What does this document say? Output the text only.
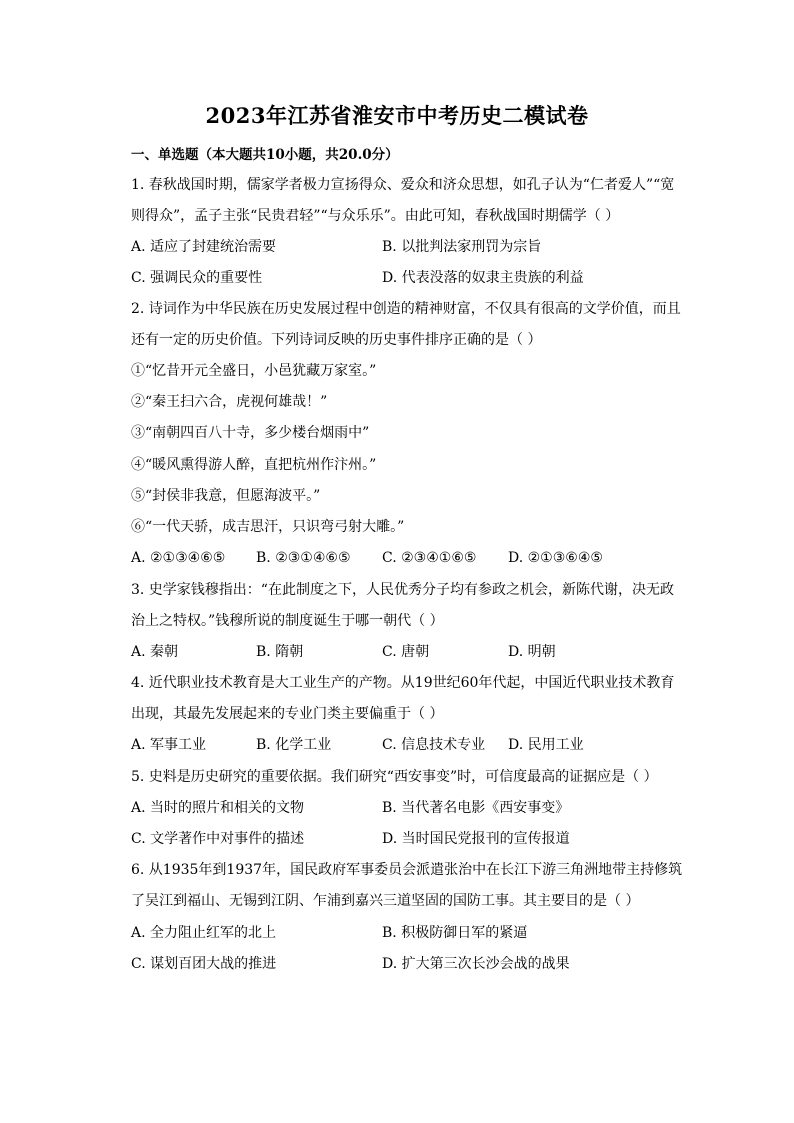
2023年江苏省淮安市中考历史二模试卷
一、单选题（本大题共10小题，共20.0分）
1. 春秋战国时期，儒家学者极力宣扬得众、爱众和济众思想，如孔子认为“仁者爱人”“宽
则得众”，孟子主张“民贵君轻”“与众乐乐”。由此可知，春秋战国时期儒学（ ）
A. 适应了封建统治需要	B. 以批判法家刑罚为宗旨
C. 强调民众的重要性	D. 代表没落的奴隶主贵族的利益
2. 诗词作为中华民族在历史发展过程中创造的精神财富，不仅具有很高的文学价值，而且
还有一定的历史价值。下列诗词反映的历史事件排序正确的是（ ）
①“忆昔开元全盛日，小邑犹藏万家室。”
②“秦王扫六合，虎视何雄哉！”
③“南朝四百八十寺，多少楼台烟雨中”
④“暖风熏得游人醉，直把杭州作汴州。”
⑤“封侯非我意，但愿海波平。”
⑥“一代天骄，成吉思汗，只识弯弓射大雕。”
A. ②①③④⑥⑤ B. ②③①④⑥⑤ C. ②③④①⑥⑤ D. ②①③⑥④⑤
3. 史学家钱穆指出：“在此制度之下，人民优秀分子均有参政之机会，新陈代谢，决无政
治上之特权。”钱穆所说的制度诞生于哪一朝代（ ）
A. 秦朝	B. 隋朝	C. 唐朝	D. 明朝
4. 近代职业技术教育是大工业生产的产物。从19世纪60年代起，中国近代职业技术教育
出现，其最先发展起来的专业门类主要偏重于（ ）
A. 军事工业	B. 化学工业	C. 信息技术专业 D. 民用工业
5. 史料是历史研究的重要依据。我们研究“西安事变”时，可信度最高的证据应是（ ）
A. 当时的照片和相关的文物	B. 当代著名电影《西安事变》
C. 文学著作中对事件的描述	D. 当时国民党报刊的宣传报道
6. 从1935年到1937年，国民政府军事委员会派遣张治中在长江下游三角洲地带主持修筑
了吴江到福山、无锡到江阴、乍浦到嘉兴三道坚固的国防工事。其主要目的是（ ）
A. 全力阻止红军的北上	B. 积极防御日军的紧逼
C. 谋划百团大战的推进	D. 扩大第三次长沙会战的战果
